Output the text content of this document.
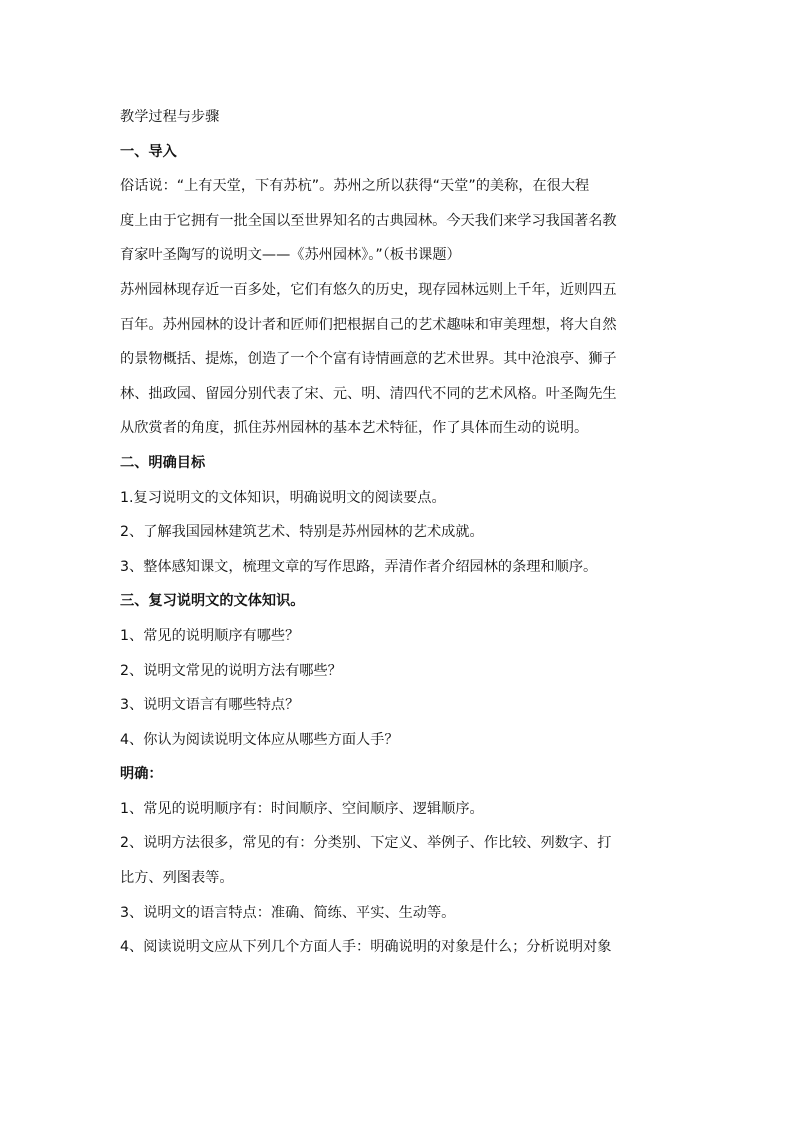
教学过程与步骤
一、导入
俗话说：“上有天堂，下有苏杭”。苏州之所以获得“天堂”的美称，在很大程
度上由于它拥有一批全国以至世界知名的古典园林。今天我们来学习我国著名教
育家叶圣陶写的说明文——《苏州园林》。”（板书课题）
苏州园林现存近一百多处，它们有悠久的历史，现存园林远则上千年，近则四五
百年。苏州园林的设计者和匠师们把根据自己的艺术趣味和审美理想，将大自然
的景物概括、提炼，创造了一个个富有诗情画意的艺术世界。其中沧浪亭、狮子
林、拙政园、留园分别代表了宋、元、明、清四代不同的艺术风格。叶圣陶先生
从欣赏者的角度，抓住苏州园林的基本艺术特征，作了具体而生动的说明。
二、明确目标
1.复习说明文的文体知识，明确说明文的阅读要点。
2、了解我国园林建筑艺术、特别是苏州园林的艺术成就。
3、整体感知课文，梳理文章的写作思路，弄清作者介绍园林的条理和顺序。
三、复习说明文的文体知识。
1、常见的说明顺序有哪些？
2、说明文常见的说明方法有哪些？
3、说明文语言有哪些特点？
4、你认为阅读说明文体应从哪些方面人手？
明确：
1、常见的说明顺序有：时间顺序、空间顺序、逻辑顺序。
2、说明方法很多，常见的有：分类别、下定义、举例子、作比较、列数字、打
比方、列图表等。
3、说明文的语言特点：准确、简练、平实、生动等。
4、阅读说明文应从下列几个方面人手：明确说明的对象是什么；分析说明对象
